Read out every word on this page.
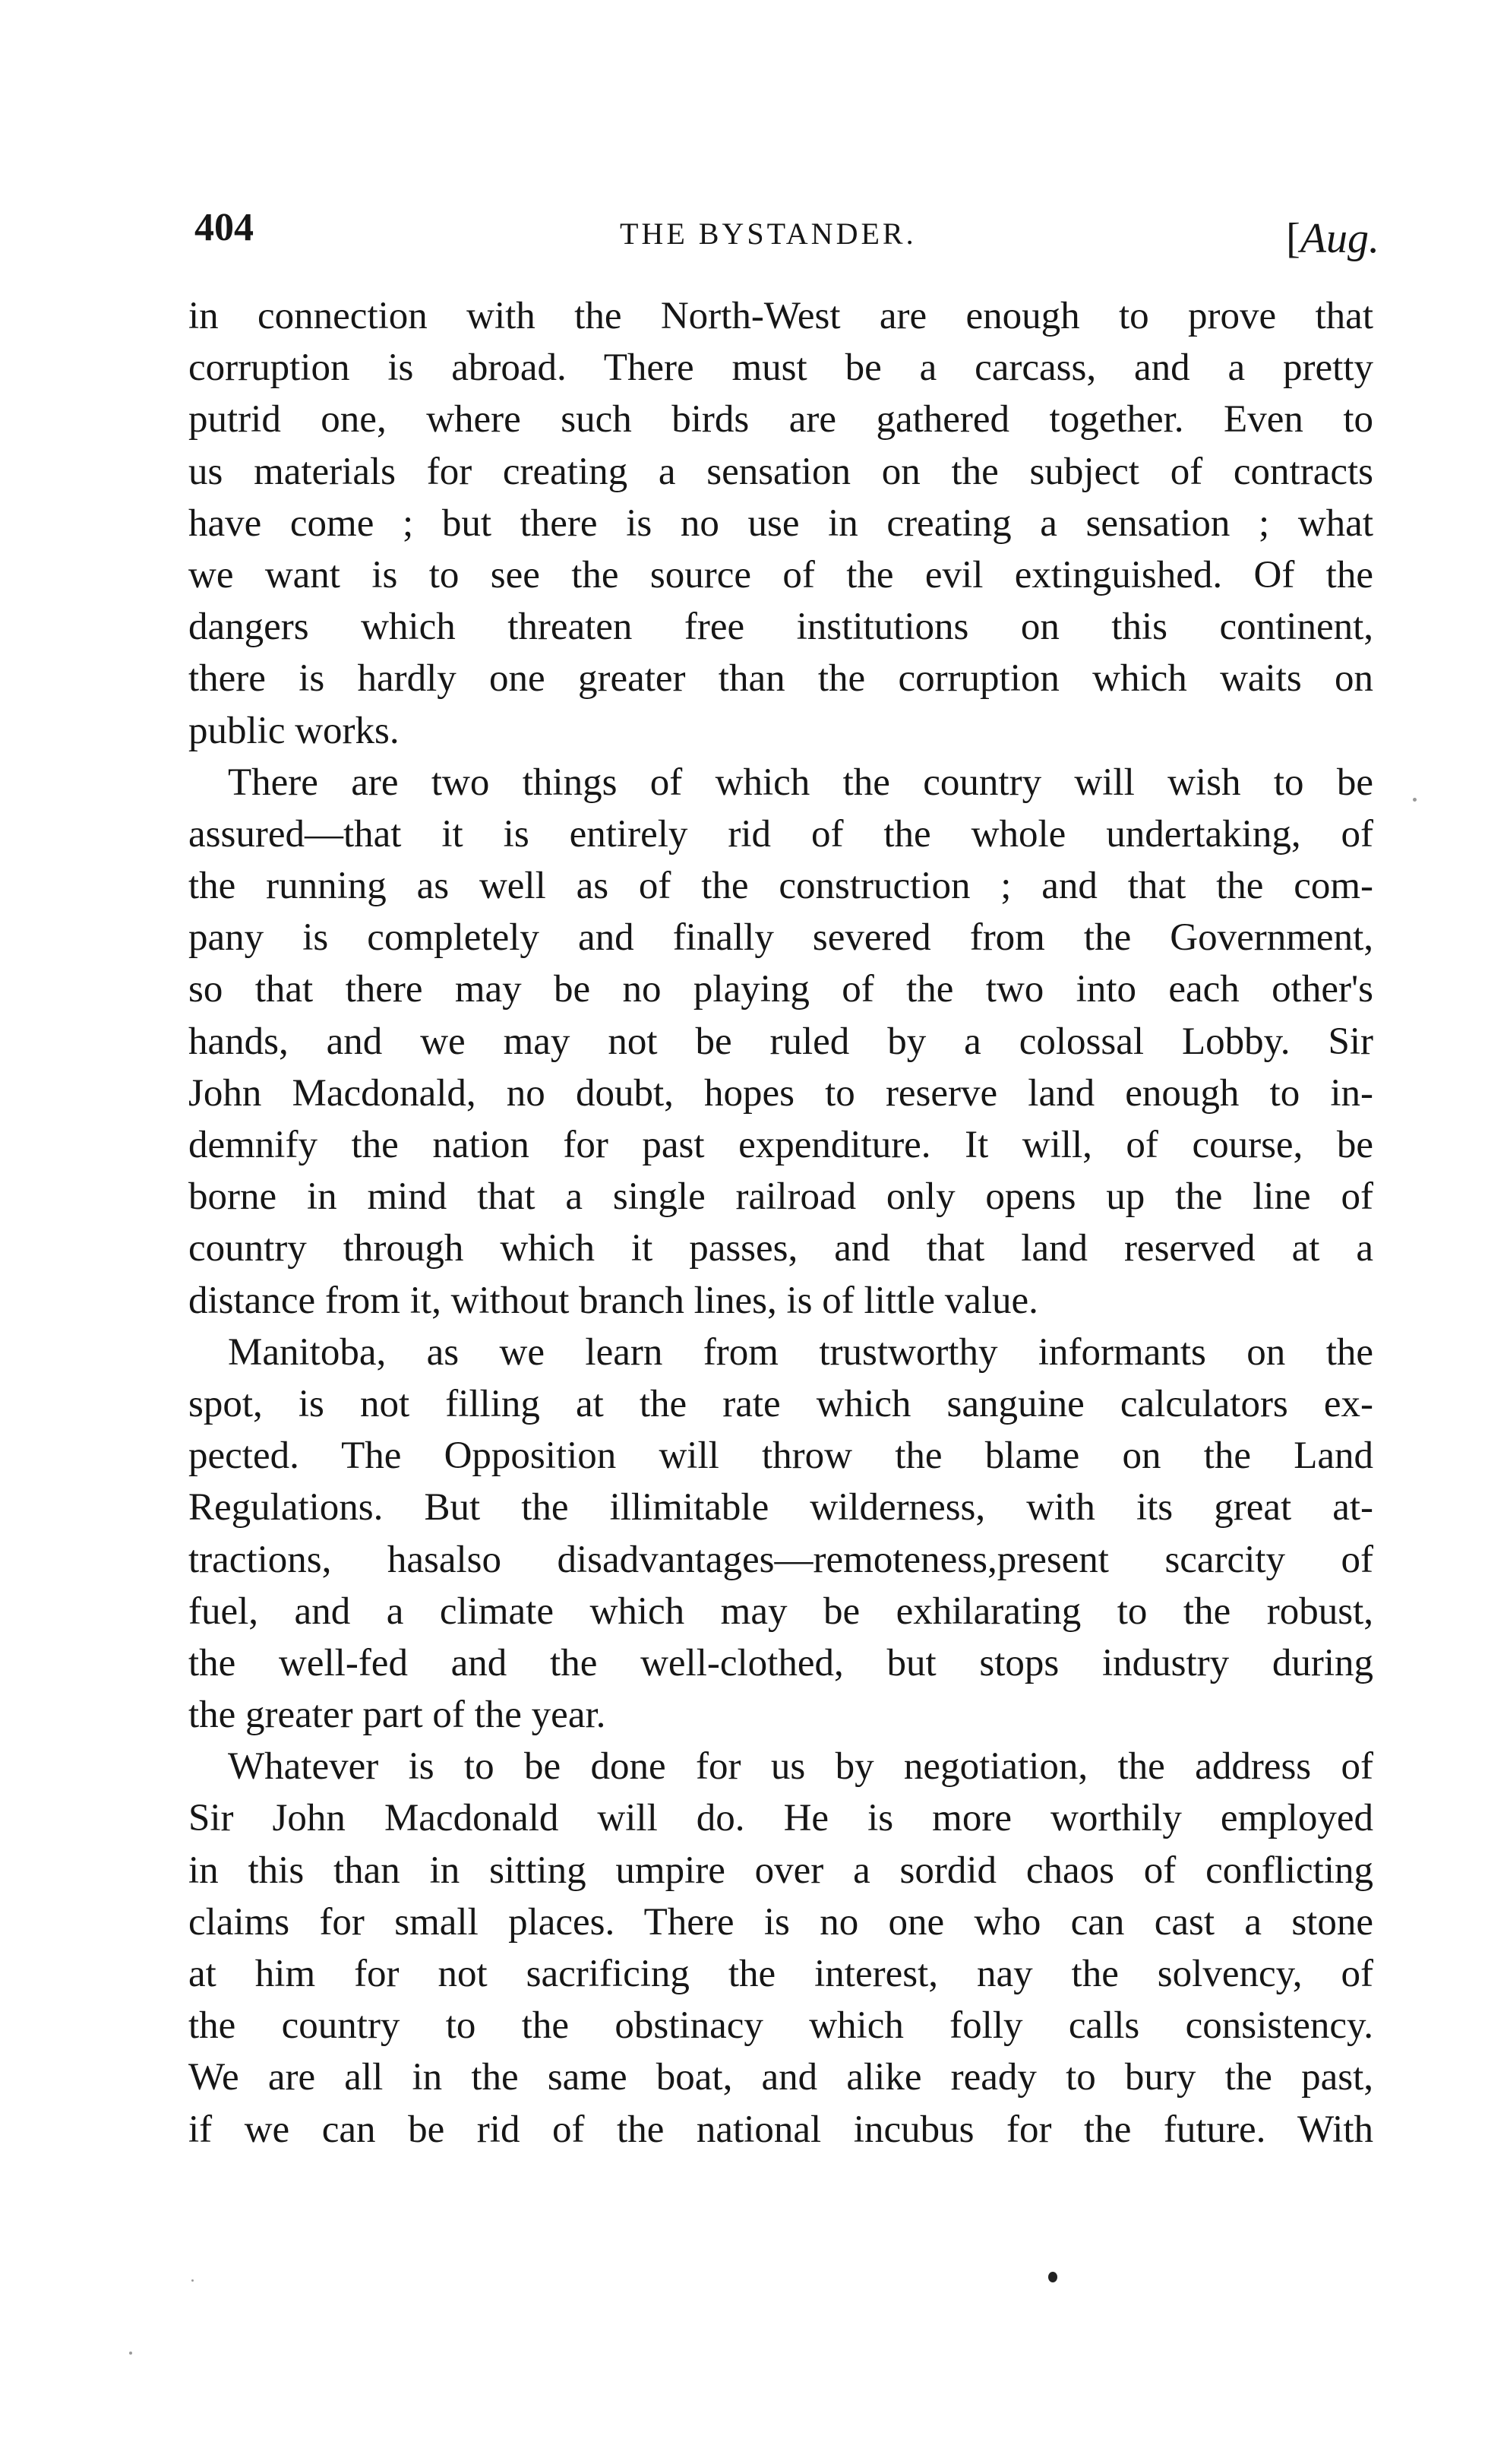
404	THE BYSTANDER.	[Aug.
in connection with the North-West are enough to prove that
corruption is abroad. There must be a carcass, and a pretty
putrid one, where such birds are gathered together. Even to
us materials for creating a sensation on the subject of contracts
have come ; but there is no use in creating a sensation ; what
we want is to see the source of the evil extinguished. Of the
dangers which threaten free institutions on this continent,
there is hardly one greater than the corruption which waits on
public works.
There are two things of which the country will wish to be
assured—that it is entirely rid of the whole undertaking, of
the running as well as of the construction ; and that the com-
pany is completely and finally severed from the Government,
so that there may be no playing of the two into each other's
hands, and we may not be ruled by a colossal Lobby. Sir
John Macdonald, no doubt, hopes to reserve land enough to in-
demnify the nation for past expenditure. It will, of course, be
borne in mind that a single railroad only opens up the line of
country through which it passes, and that land reserved at a
distance from it, without branch lines, is of little value.
Manitoba, as we learn from trustworthy informants on the
spot, is not filling at the rate which sanguine calculators ex-
pected. The Opposition will throw the blame on the Land
Regulations. But the illimitable wilderness, with its great at-
tractions, hasalso disadvantages—remoteness,present scarcity of
fuel, and a climate which may be exhilarating to the robust,
the well-fed and the well-clothed, but stops industry during
the greater part of the year.
Whatever is to be done for us by negotiation, the address of
Sir John Macdonald will do. He is more worthily employed
in this than in sitting umpire over a sordid chaos of conflicting
claims for small places. There is no one who can cast a stone
at him for not sacrificing the interest, nay the solvency, of
the country to the obstinacy which folly calls consistency.
We are all in the same boat, and alike ready to bury the past,
if we can be rid of the national incubus for the future. With
